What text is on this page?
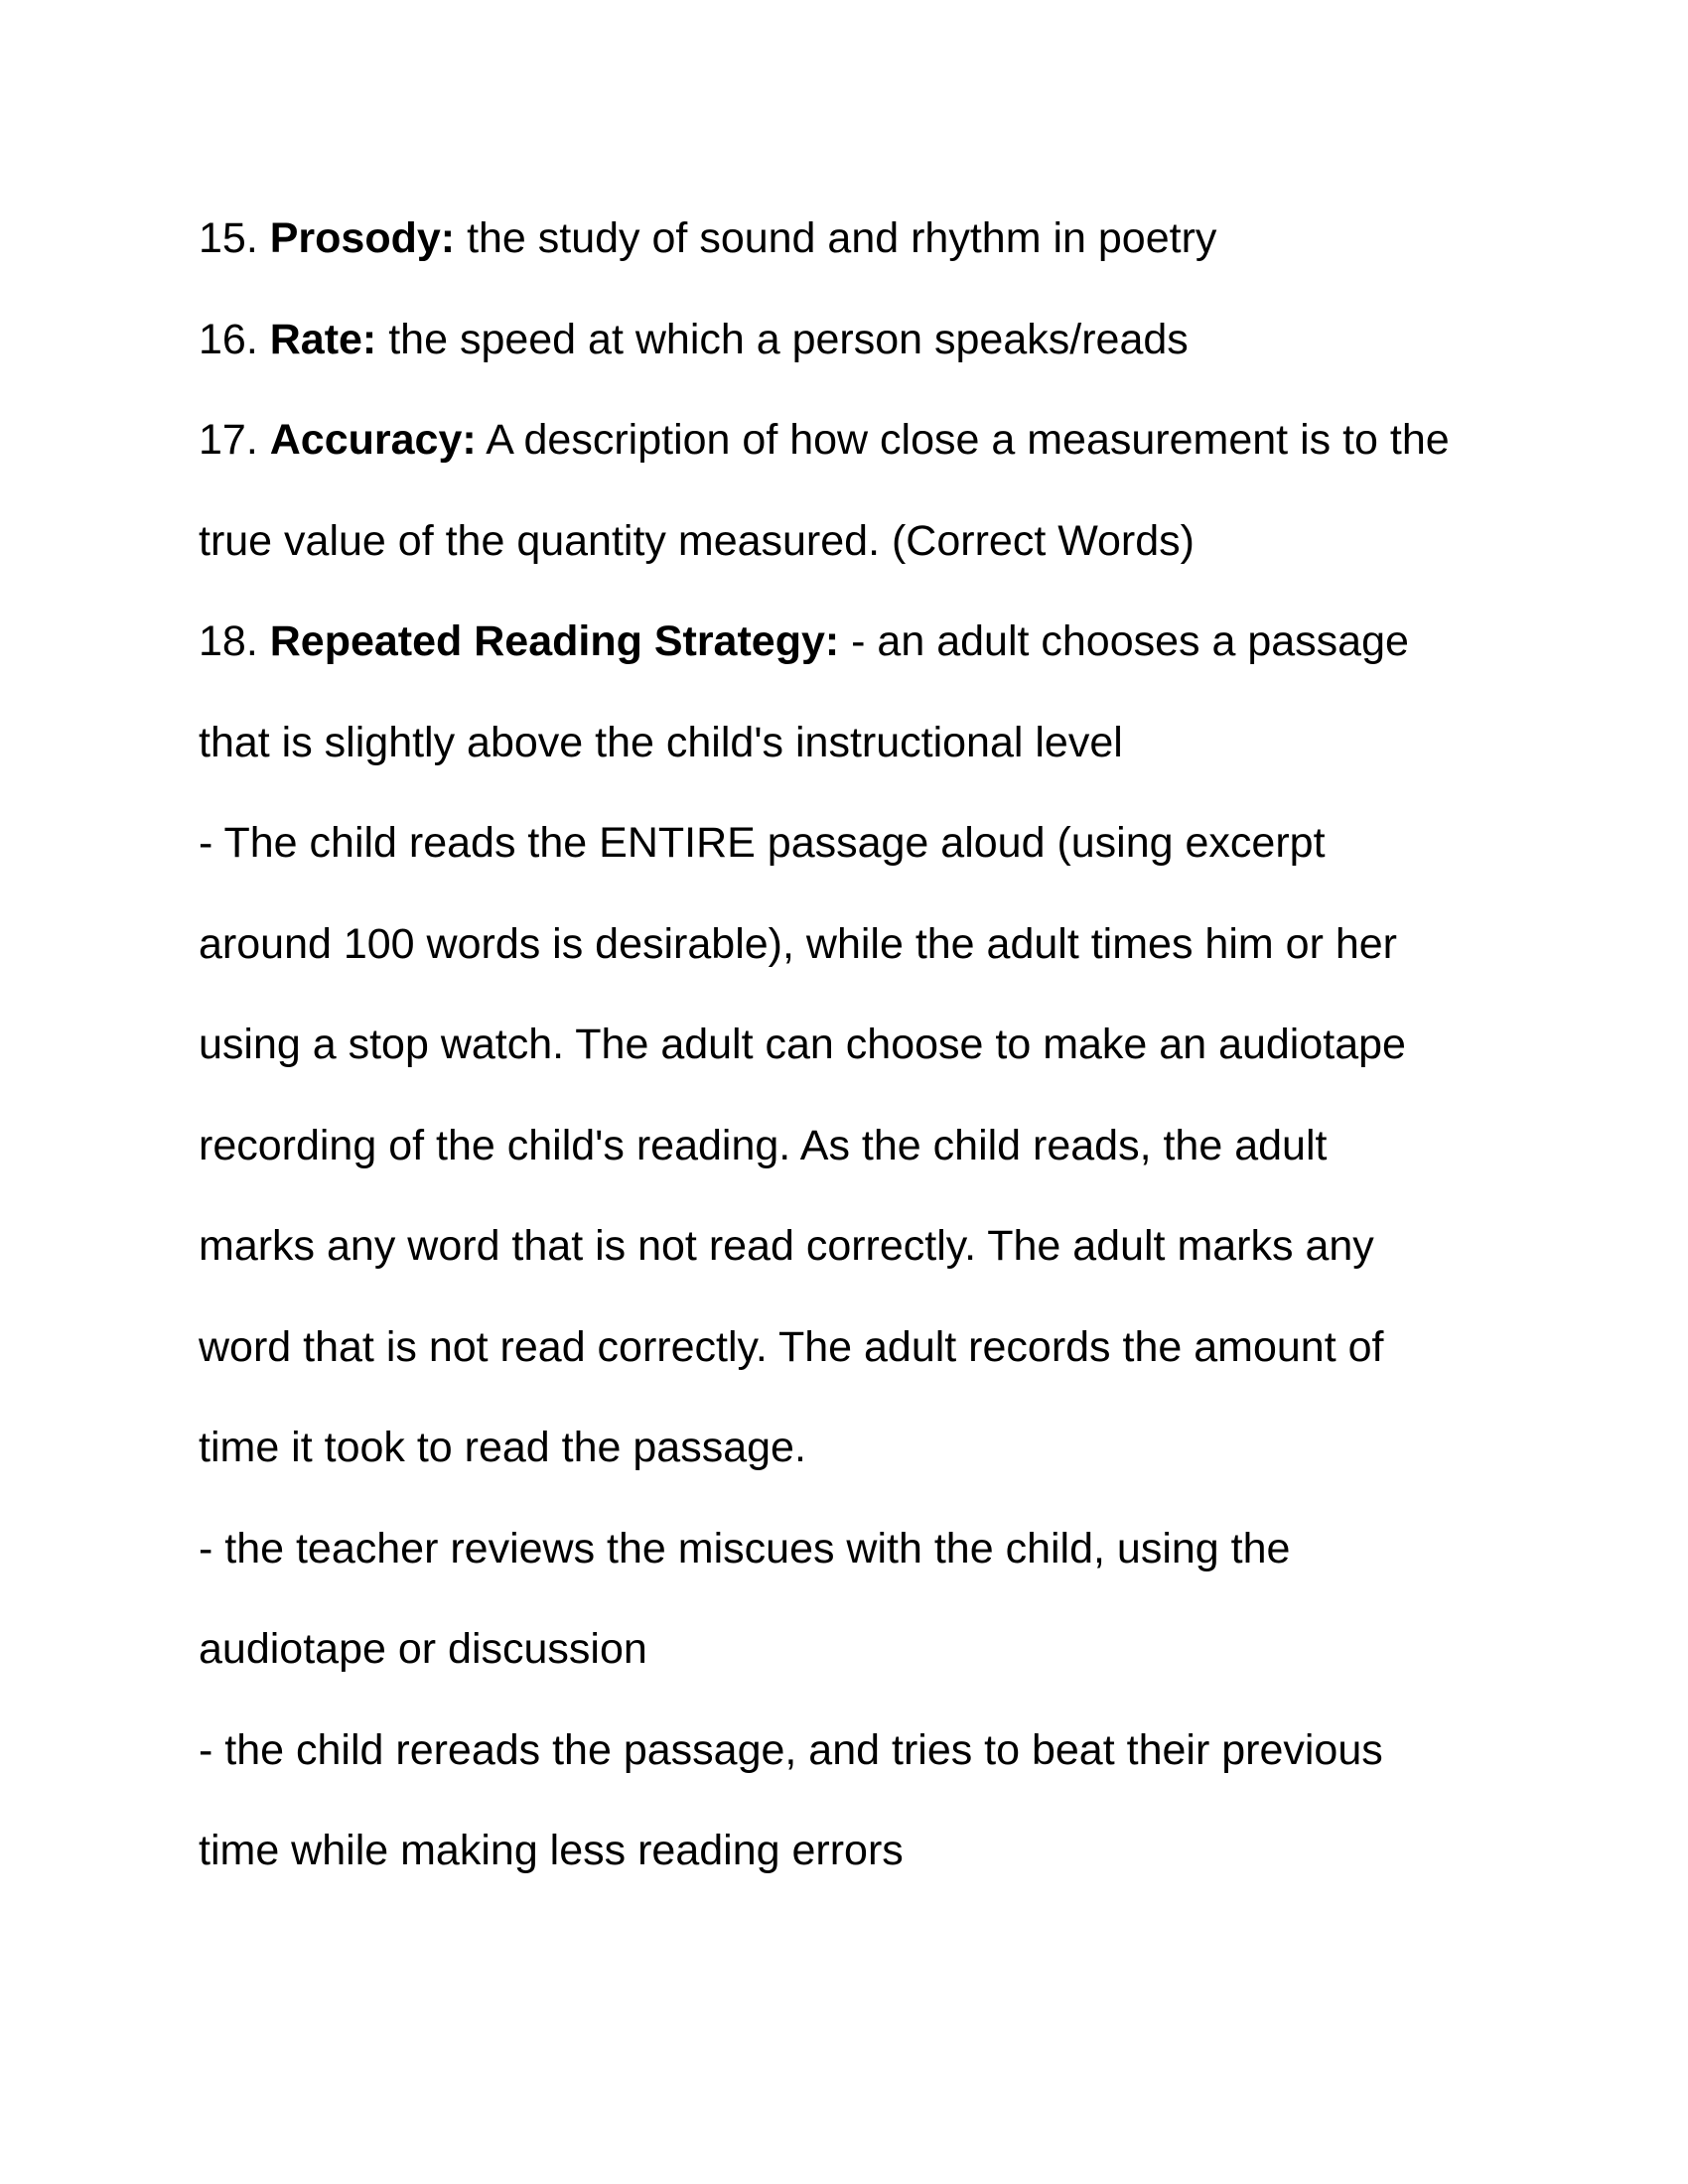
15. Prosody: the study of sound and rhythm in poetry
16. Rate: the speed at which a person speaks/reads
17. Accuracy: A description of how close a measurement is to the
true value of the quantity measured. (Correct Words)
18. Repeated Reading Strategy: - an adult chooses a passage
that is slightly above the child's instructional level
- The child reads the ENTIRE passage aloud (using excerpt
around 100 words is desirable), while the adult times him or her
using a stop watch. The adult can choose to make an audiotape
recording of the child's reading. As the child reads, the adult
marks any word that is not read correctly. The adult marks any
word that is not read correctly. The adult records the amount of
time it took to read the passage.
- the teacher reviews the miscues with the child, using the
audiotape or discussion
- the child rereads the passage, and tries to beat their previous
time while making less reading errors
